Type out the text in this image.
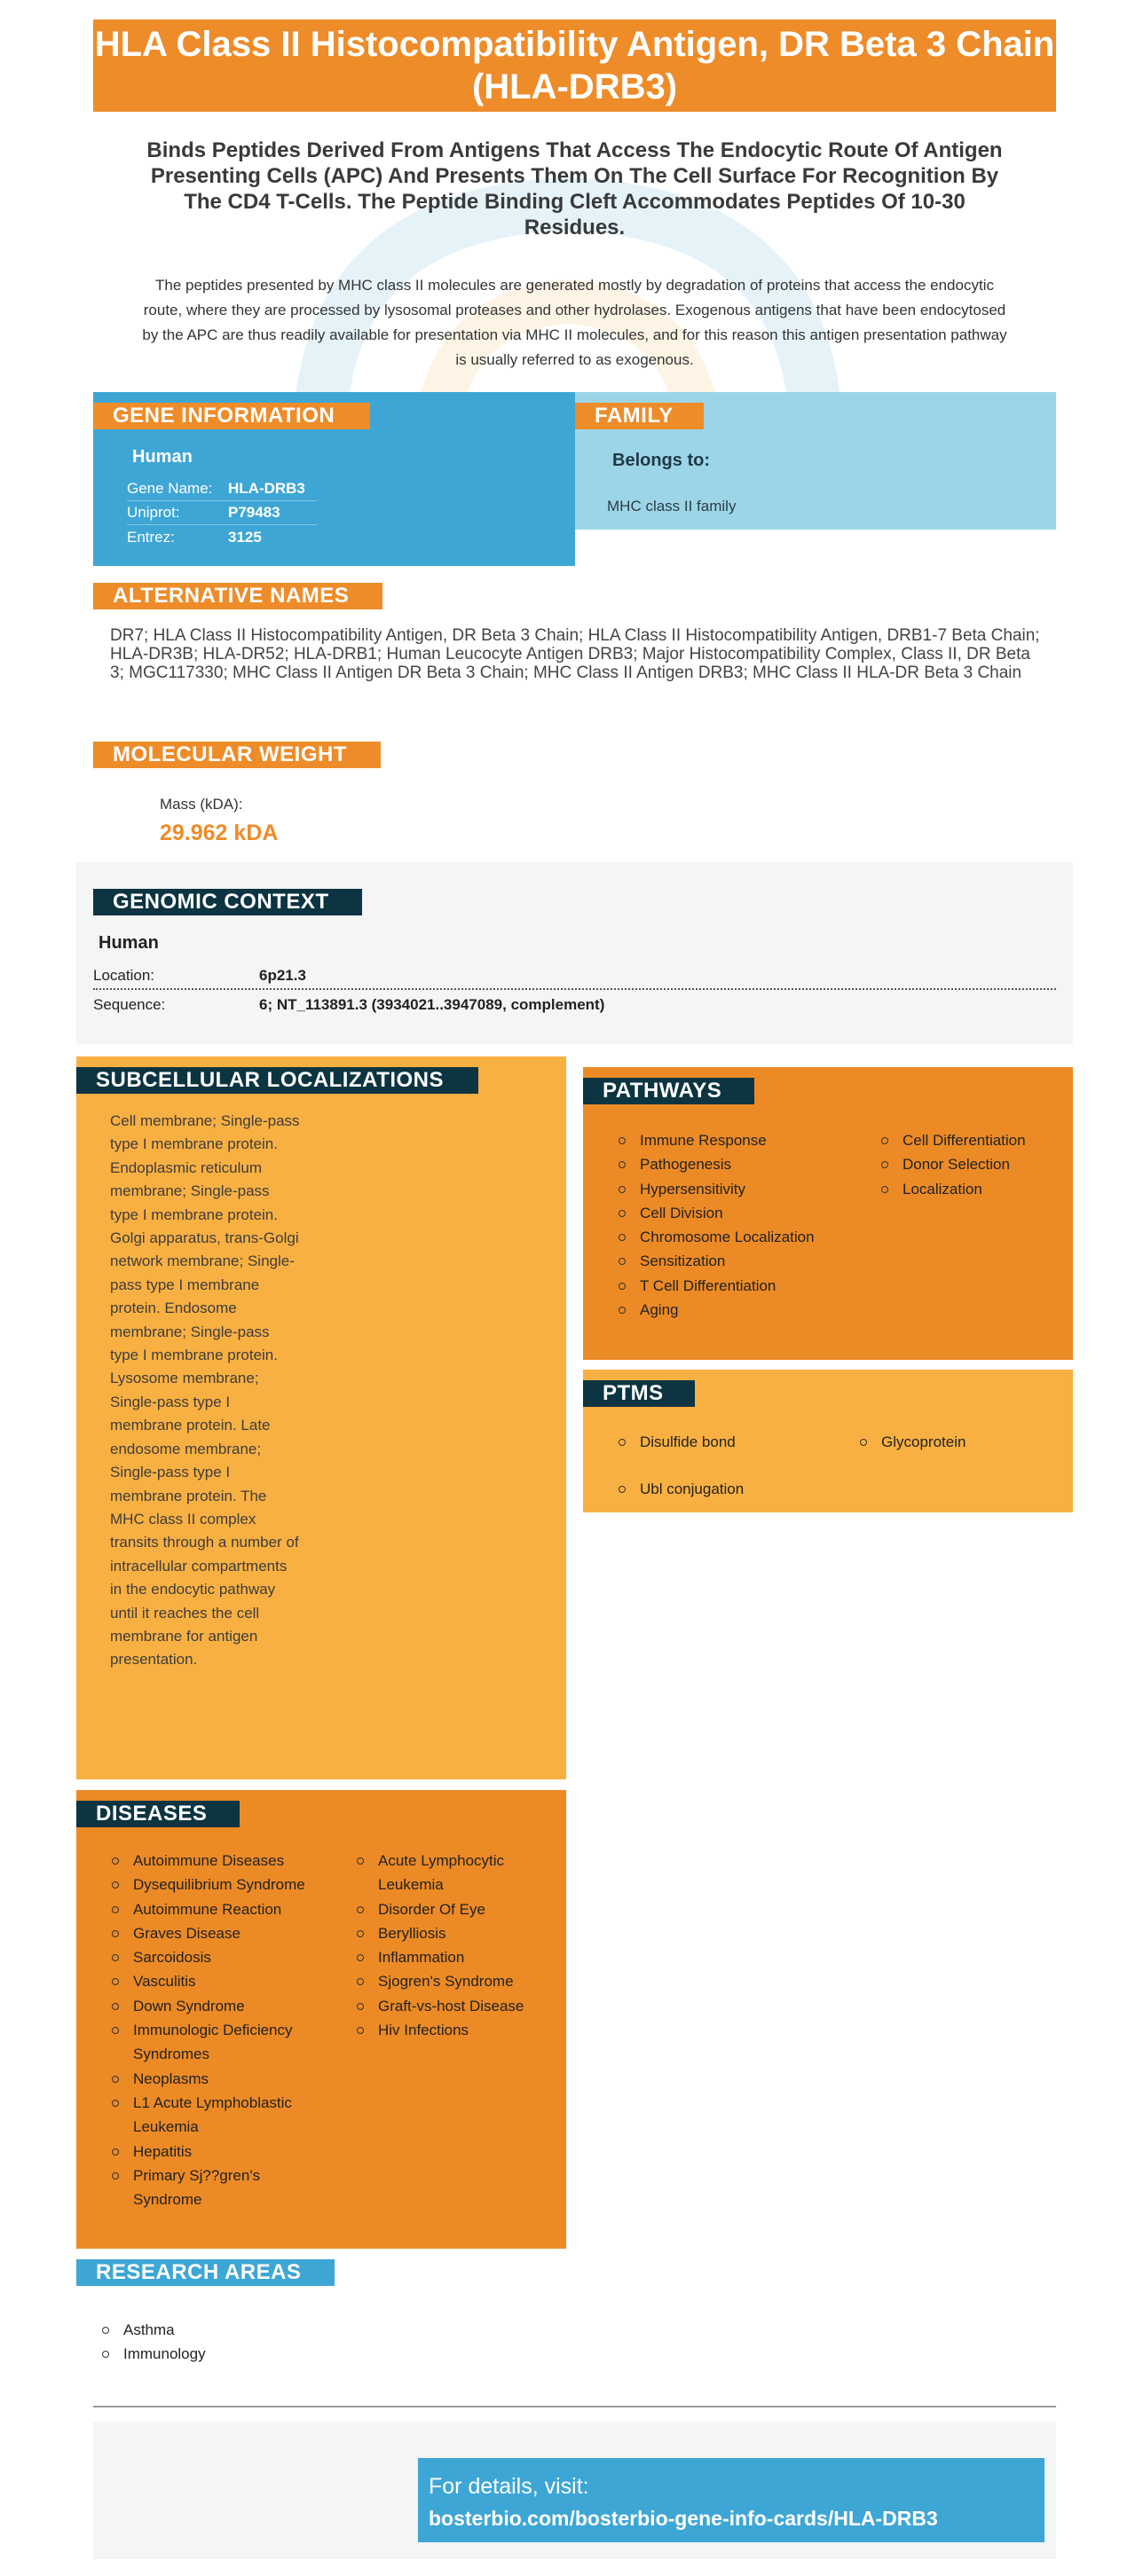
HLA Class II Histocompatibility Antigen, DR Beta 3 Chain (HLA-DRB3)
Binds Peptides Derived From Antigens That Access The Endocytic Route Of Antigen Presenting Cells (APC) And Presents Them On The Cell Surface For Recognition By The CD4 T-Cells. The Peptide Binding Cleft Accommodates Peptides Of 10-30 Residues.
The peptides presented by MHC class II molecules are generated mostly by degradation of proteins that access the endocytic route, where they are processed by lysosomal proteases and other hydrolases. Exogenous antigens that have been endocytosed by the APC are thus readily available for presentation via MHC II molecules, and for this reason this antigen presentation pathway is usually referred to as exogenous.
GENE INFORMATION
Human
Gene Name:	HLA-DRB3
Uniprot:	P79483
Entrez:	3125
FAMILY
Belongs to:
MHC class II family
ALTERNATIVE NAMES
DR7; HLA Class II Histocompatibility Antigen, DR Beta 3 Chain; HLA Class II Histocompatibility Antigen, DRB1-7 Beta Chain; HLA-DR3B; HLA-DR52; HLA-DRB1; Human Leucocyte Antigen DRB3; Major Histocompatibility Complex, Class II, DR Beta 3; MGC117330; MHC Class II Antigen DR Beta 3 Chain; MHC Class II Antigen DRB3; MHC Class II HLA-DR Beta 3 Chain
MOLECULAR WEIGHT
Mass (kDA):
29.962 kDA
GENOMIC CONTEXT
Human
Location:	6p21.3
Sequence:	6; NT_113891.3 (3934021..3947089, complement)
SUBCELLULAR LOCALIZATIONS
Cell membrane; Single-pass type I membrane protein. Endoplasmic reticulum membrane; Single-pass type I membrane protein. Golgi apparatus, trans-Golgi network membrane; Single-pass type I membrane protein. Endosome membrane; Single-pass type I membrane protein. Lysosome membrane; Single-pass type I membrane protein. Late endosome membrane; Single-pass type I membrane protein. The MHC class II complex transits through a number of intracellular compartments in the endocytic pathway until it reaches the cell membrane for antigen presentation.
PATHWAYS
Immune Response
Pathogenesis
Hypersensitivity
Cell Division
Chromosome Localization
Sensitization
T Cell Differentiation
Aging
Cell Differentiation
Donor Selection
Localization
PTMS
Disulfide bond
Ubl conjugation
Glycoprotein
DISEASES
Autoimmune Diseases
Dysequilibrium Syndrome
Autoimmune Reaction
Graves Disease
Sarcoidosis
Vasculitis
Down Syndrome
Immunologic Deficiency Syndromes
Neoplasms
L1 Acute Lymphoblastic Leukemia
Hepatitis
Primary Sj??gren's Syndrome
Acute Lymphocytic Leukemia
Disorder Of Eye
Berylliosis
Inflammation
Sjogren's Syndrome
Graft-vs-host Disease
Hiv Infections
RESEARCH AREAS
Asthma
Immunology
For details, visit:
bosterbio.com/bosterbio-gene-info-cards/HLA-DRB3
